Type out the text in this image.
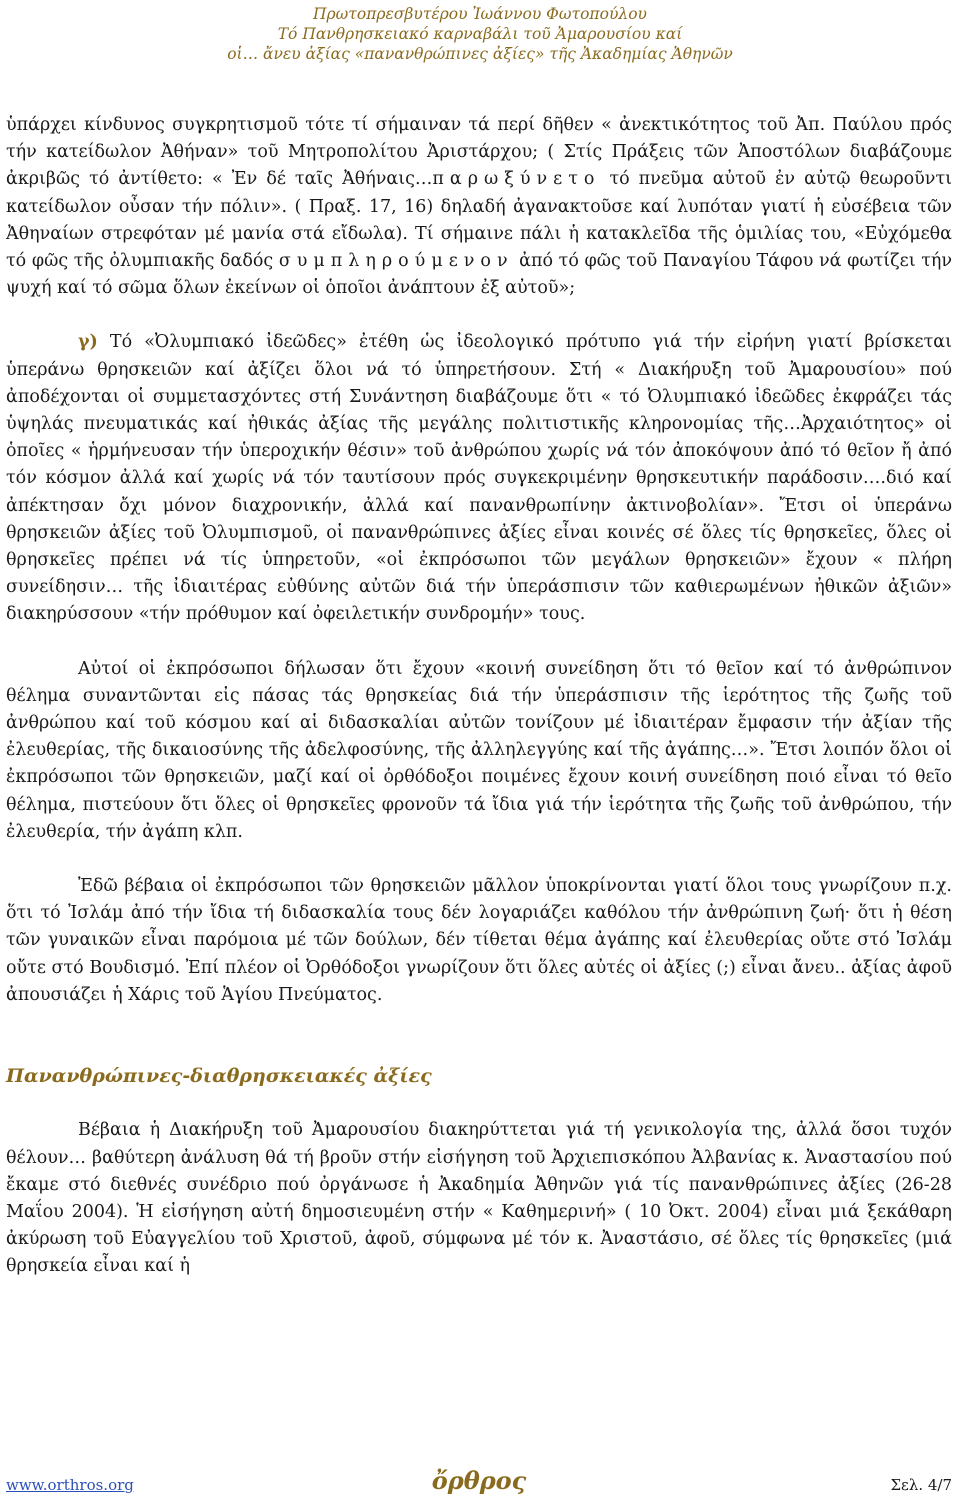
Πρωτοπρεσβυτέρου Ἰωάννου Φωτοπούλου
Τό Πανθρησκειακό καρναβάλι τοῦ Ἀμαρουσίου καί
οἱ… ἄνευ ἀξίας «πανανθρώπινες ἀξίες» τῆς Ἀκαδημίας Ἀθηνῶν

ὑπάρχει κίνδυνος συγκρητισμοῦ τότε τί σήμαιναν τά περί δῆθεν « ἀνεκτικότητος τοῦ Ἀπ. Παύλου πρός τήν κατείδωλον Ἀθήναν» τοῦ Μητροπολίτου Ἀριστάρχου; ( Στίς Πράξεις τῶν Ἀποστόλων διαβάζουμε ἀκριβῶς τό ἀντίθετο: « Ἐν δέ ταῖς Ἀθήναις…παρωξύνετο τό πνεῦμα αὐτοῦ ἐν αὐτῷ θεωροῦντι κατείδωλον οὖσαν τήν πόλιν». ( Πραξ. 17, 16) δηλαδή ἀγανακτοῦσε καί λυπόταν γιατί ἡ εὐσέβεια τῶν Ἀθηναίων στρεφόταν μέ μανία στά εἴδωλα). Τί σήμαινε πάλι ἡ κατακλεῖδα τῆς ὁμιλίας του, «Εὐχόμεθα τό φῶς τῆς ὀλυμπιακῆς δαδός συμπληρούμενον ἀπό τό φῶς τοῦ Παναγίου Τάφου νά φωτίζει τήν ψυχή καί τό σῶμα ὅλων ἐκείνων οἱ ὁποῖοι ἀνάπτουν ἐξ αὐτοῦ»;

γ) Τό «Ὀλυμπιακό ἰδεῶδες» ἐτέθη ὡς ἰδεολογικό πρότυπο γιά τήν εἰρήνη γιατί βρίσκεται ὑπεράνω θρησκειῶν καί ἀξίζει ὅλοι νά τό ὑπηρετήσουν. Στή « Διακήρυξη τοῦ Ἀμαρουσίου» πού ἀποδέχονται οἱ συμμετασχόντες στή Συνάντηση διαβάζουμε ὅτι « τό Ὀλυμπιακό ἰδεῶδες ἐκφράζει τάς ὑψηλάς πνευματικάς καί ἠθικάς ἀξίας τῆς μεγάλης πολιτιστικῆς κληρονομίας τῆς…Ἀρχαιότητος» οἱ ὁποῖες « ἡρμήνευσαν τήν ὑπεροχικήν θέσιν» τοῦ ἀνθρώπου χωρίς νά τόν ἀποκόψουν ἀπό τό θεῖον ἤ ἀπό τόν κόσμον ἀλλά καί χωρίς νά τόν ταυτίσουν πρός συγκεκριμένην θρησκευτικήν παράδοσιν….διό καί ἀπέκτησαν ὄχι μόνον διαχρονικήν, ἀλλά καί πανανθρωπίνην ἀκτινοβολίαν». Ἔτσι οἱ ὑπεράνω θρησκειῶν ἀξίες τοῦ Ὀλυμπισμοῦ, οἱ πανανθρώπινες ἀξίες εἶναι κοινές σέ ὅλες τίς θρησκεῖες, ὅλες οἱ θρησκεῖες πρέπει νά τίς ὑπηρετοῦν, «οἱ ἐκπρόσωποι τῶν μεγάλων θρησκειῶν» ἔχουν « πλήρη συνείδησιν… τῆς ἰδιαιτέρας εὐθύνης αὐτῶν διά τήν ὑπεράσπισιν τῶν καθιερωμένων ἠθικῶν ἀξιῶν» διακηρύσσουν «τήν πρόθυμον καί ὀφειλετικήν συνδρομήν» τους.

Αὐτοί οἱ ἐκπρόσωποι δήλωσαν ὅτι ἔχουν «κοινή συνείδηση ὅτι τό θεῖον καί τό ἀνθρώπινον θέλημα συναντῶνται εἰς πάσας τάς θρησκείας διά τήν ὑπεράσπισιν τῆς ἱερότητος τῆς ζωῆς τοῦ ἀνθρώπου καί τοῦ κόσμου καί αἱ διδασκαλίαι αὐτῶν τονίζουν μέ ἰδιαιτέραν ἔμφασιν τήν ἀξίαν τῆς ἐλευθερίας, τῆς δικαιοσύνης τῆς ἀδελφοσύνης, τῆς ἀλληλεγγύης καί τῆς ἀγάπης…». Ἔτσι λοιπόν ὅλοι οἱ ἐκπρόσωποι τῶν θρησκειῶν, μαζί καί οἱ ὀρθόδοξοι ποιμένες ἔχουν κοινή συνείδηση ποιό εἶναι τό θεῖο θέλημα, πιστεύουν ὅτι ὅλες οἱ θρησκεῖες φρονοῦν τά ἴδια γιά τήν ἱερότητα τῆς ζωῆς τοῦ ἀνθρώπου, τήν ἐλευθερία, τήν ἀγάπη κλπ.

Ἐδῶ βέβαια οἱ ἐκπρόσωποι τῶν θρησκειῶν μᾶλλον ὑποκρίνονται γιατί ὅλοι τους γνωρίζουν π.χ. ὅτι τό Ἰσλάμ ἀπό τήν ἴδια τή διδασκαλία τους δέν λογαριάζει καθόλου τήν ἀνθρώπινη ζωή· ὅτι ἡ θέση τῶν γυναικῶν εἶναι παρόμοια μέ τῶν δούλων, δέν τίθεται θέμα ἀγάπης καί ἐλευθερίας οὔτε στό Ἰσλάμ οὔτε στό Βουδισμό. Ἐπί πλέον οἱ Ὀρθόδοξοι γνωρίζουν ὅτι ὅλες αὐτές οἱ ἀξίες (;) εἶναι ἄνευ.. ἀξίας ἀφοῦ ἀπουσιάζει ἡ Χάρις τοῦ Ἁγίου Πνεύματος.

Πανανθρώπινες-διαθρησκειακές ἀξίες

Βέβαια ἡ Διακήρυξη τοῦ Ἀμαρουσίου διακηρύττεται γιά τή γενικολογία της, ἀλλά ὅσοι τυχόν θέλουν… βαθύτερη ἀνάλυση θά τή βροῦν στήν εἰσήγηση τοῦ Ἀρχιεπισκόπου Ἀλβανίας κ. Ἀναστασίου πού ἔκαμε στό διεθνές συνέδριο πού ὀργάνωσε ἡ Ἀκαδημία Ἀθηνῶν γιά τίς πανανθρώπινες ἀξίες (26-28 Μαΐου 2004). Ἡ εἰσήγηση αὐτή δημοσιευμένη στήν « Καθημερινή» ( 10 Ὀκτ. 2004) εἶναι μιά ξεκάθαρη ἀκύρωση τοῦ Εὐαγγελίου τοῦ Χριστοῦ, ἀφοῦ, σύμφωνα μέ τόν κ. Ἀναστάσιο, σέ ὅλες τίς θρησκεῖες (μιά θρησκεία εἶναι καί ἡ

www.orthros.org	ὄρθρος	Σελ. 4/7
